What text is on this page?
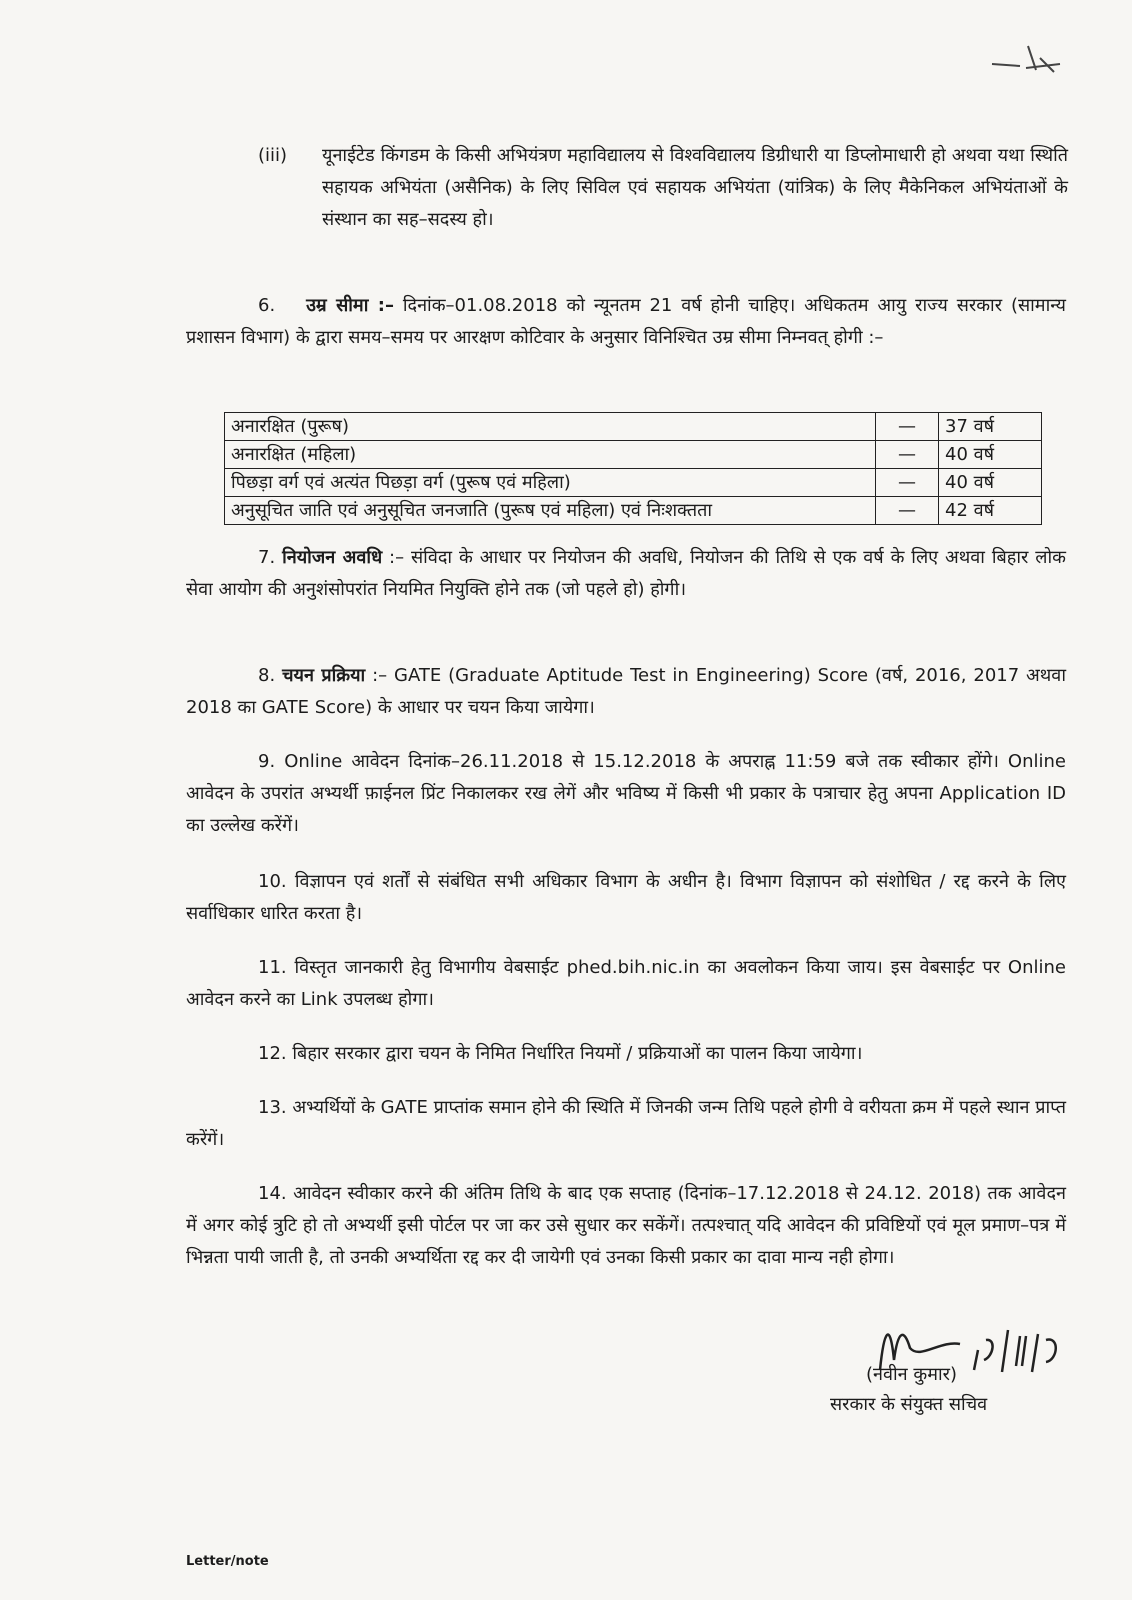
(iii) यूनाईटेड किंगडम के किसी अभियंत्रण महाविद्यालय से विश्वविद्यालय डिग्रीधारी या डिप्लोमाधारी हो अथवा यथा स्थिति सहायक अभियंता (असैनिक) के लिए सिविल एवं सहायक अभियंता (यांत्रिक) के लिए मैकेनिकल अभियंताओं के संस्थान का सह–सदस्य हो।
6. उम्र सीमा :– दिनांक–01.08.2018 को न्यूनतम 21 वर्ष होनी चाहिए। अधिकतम आयु राज्य सरकार (सामान्य प्रशासन विभाग) के द्वारा समय–समय पर आरक्षण कोटिवार के अनुसार विनिश्चित उम्र सीमा निम्नवत् होगी :–
अनारक्षित (पुरूष)	—	37 वर्ष
अनारक्षित (महिला)	—	40 वर्ष
पिछड़ा वर्ग एवं अत्यंत पिछड़ा वर्ग (पुरूष एवं महिला)	—	40 वर्ष
अनुसूचित जाति एवं अनुसूचित जनजाति (पुरूष एवं महिला) एवं निःशक्तता	—	42 वर्ष
7. नियोजन अवधि :– संविदा के आधार पर नियोजन की अवधि, नियोजन की तिथि से एक वर्ष के लिए अथवा बिहार लोक सेवा आयोग की अनुशंसोपरांत नियमित नियुक्ति होने तक (जो पहले हो) होगी।
8. चयन प्रक्रिया :– GATE (Graduate Aptitude Test in Engineering) Score (वर्ष, 2016, 2017 अथवा 2018 का GATE Score) के आधार पर चयन किया जायेगा।
9. Online आवेदन दिनांक–26.11.2018 से 15.12.2018 के अपराह्न 11:59 बजे तक स्वीकार होंगे। Online आवेदन के उपरांत अभ्यर्थी फ़ाईनल प्रिंट निकालकर रख लेगें और भविष्य में किसी भी प्रकार के पत्राचार हेतु अपना Application ID का उल्लेख करेंगें।
10. विज्ञापन एवं शर्तों से संबंधित सभी अधिकार विभाग के अधीन है। विभाग विज्ञापन को संशोधित / रद्द करने के लिए सर्वाधिकार धारित करता है।
11. विस्तृत जानकारी हेतु विभागीय वेबसाईट phed.bih.nic.in का अवलोकन किया जाय। इस वेबसाईट पर Online आवेदन करने का Link उपलब्ध होगा।
12. बिहार सरकार द्वारा चयन के निमित निर्धारित नियमों / प्रक्रियाओं का पालन किया जायेगा।
13. अभ्यर्थियों के GATE प्राप्तांक समान होने की स्थिति में जिनकी जन्म तिथि पहले होगी वे वरीयता क्रम में पहले स्थान प्राप्त करेंगें।
14. आवेदन स्वीकार करने की अंतिम तिथि के बाद एक सप्ताह (दिनांक–17.12.2018 से 24.12. 2018) तक आवेदन में अगर कोई त्रुटि हो तो अभ्यर्थी इसी पोर्टल पर जा कर उसे सुधार कर सकेंगें। तत्पश्चात् यदि आवेदन की प्रविष्टियों एवं मूल प्रमाण–पत्र में भिन्नता पायी जाती है, तो उनकी अभ्यर्थिता रद्द कर दी जायेगी एवं उनका किसी प्रकार का दावा मान्य नही होगा।
(नवीन कुमार)
सरकार के संयुक्त सचिव
Letter/note
